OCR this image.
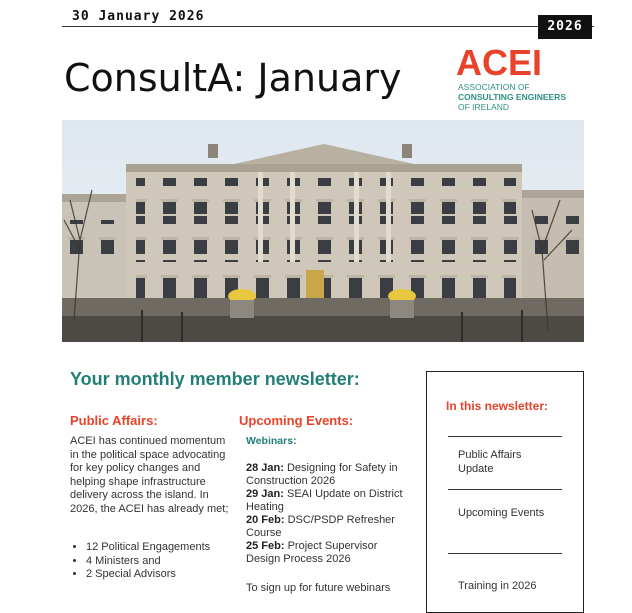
30 January 2026
2026
ConsultA: January ACEI
ASSOCIATION OF
CONSULTING ENGINEERS
OF IRELAND
Your monthly member newsletter:
Public Affairs:
ACEI has continued momentum in the political space advocating for key policy changes and helping shape infrastructure delivery across the island. In 2026, the ACEI has already met;
• 12 Political Engagements
• 4 Ministers and
• 2 Special Advisors
Upcoming Events:
Webinars:
28 Jan: Designing for Safety in Construction 2026
29 Jan: SEAI Update on District Heating
20 Feb: DSC/PSDP Refresher Course
25 Feb: Project Supervisor Design Process 2026
To sign up for future webinars
In this newsletter:
Public Affairs Update
Upcoming Events
Training in 2026
